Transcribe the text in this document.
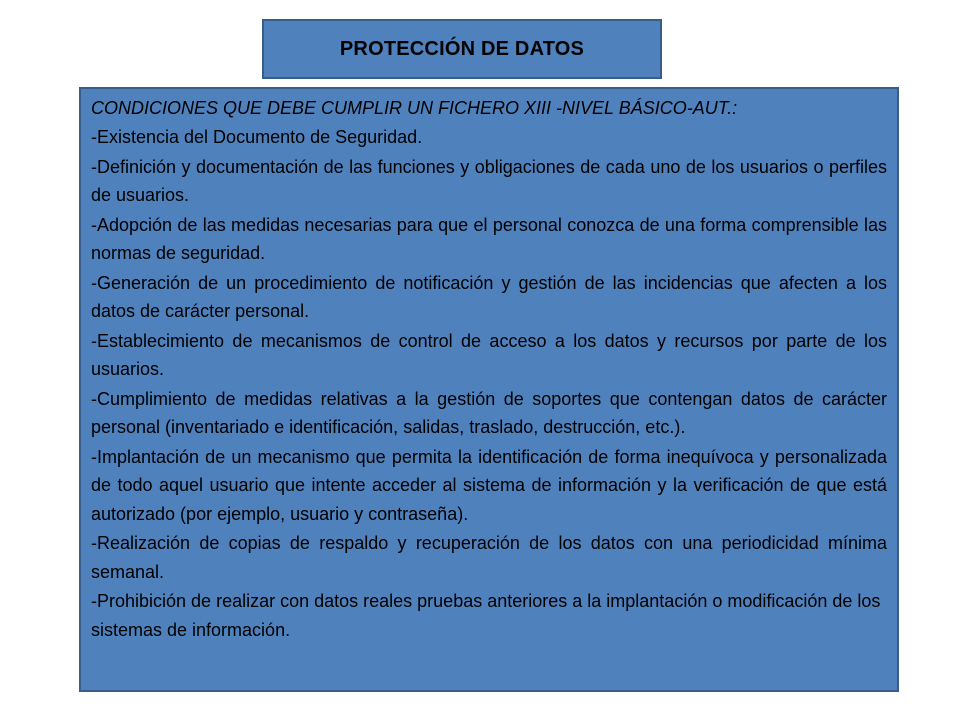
PROTECCIÓN DE DATOS
CONDICIONES QUE DEBE CUMPLIR UN FICHERO XIII -NIVEL BÁSICO-AUT.:
-Existencia del Documento de Seguridad.
-Definición y documentación de las funciones y obligaciones de cada uno de los usuarios o perfiles de usuarios.
-Adopción de las medidas necesarias para que el personal conozca de una forma comprensible las normas de seguridad.
-Generación de un procedimiento de notificación y gestión de las incidencias que afecten a los datos de carácter personal.
-Establecimiento de mecanismos de control de acceso a los datos y recursos por parte de los usuarios.
-Cumplimiento de medidas relativas a la gestión de soportes que contengan datos de carácter personal (inventariado e identificación, salidas, traslado, destrucción, etc.).
-Implantación de un mecanismo que permita la identificación de forma inequívoca y personalizada de todo aquel usuario que intente acceder al sistema de información y la verificación de que está autorizado (por ejemplo, usuario y contraseña).
-Realización de copias de respaldo y recuperación de los datos con una periodicidad mínima semanal.
-Prohibición de realizar con datos reales pruebas anteriores a la implantación o modificación de los sistemas de información.
